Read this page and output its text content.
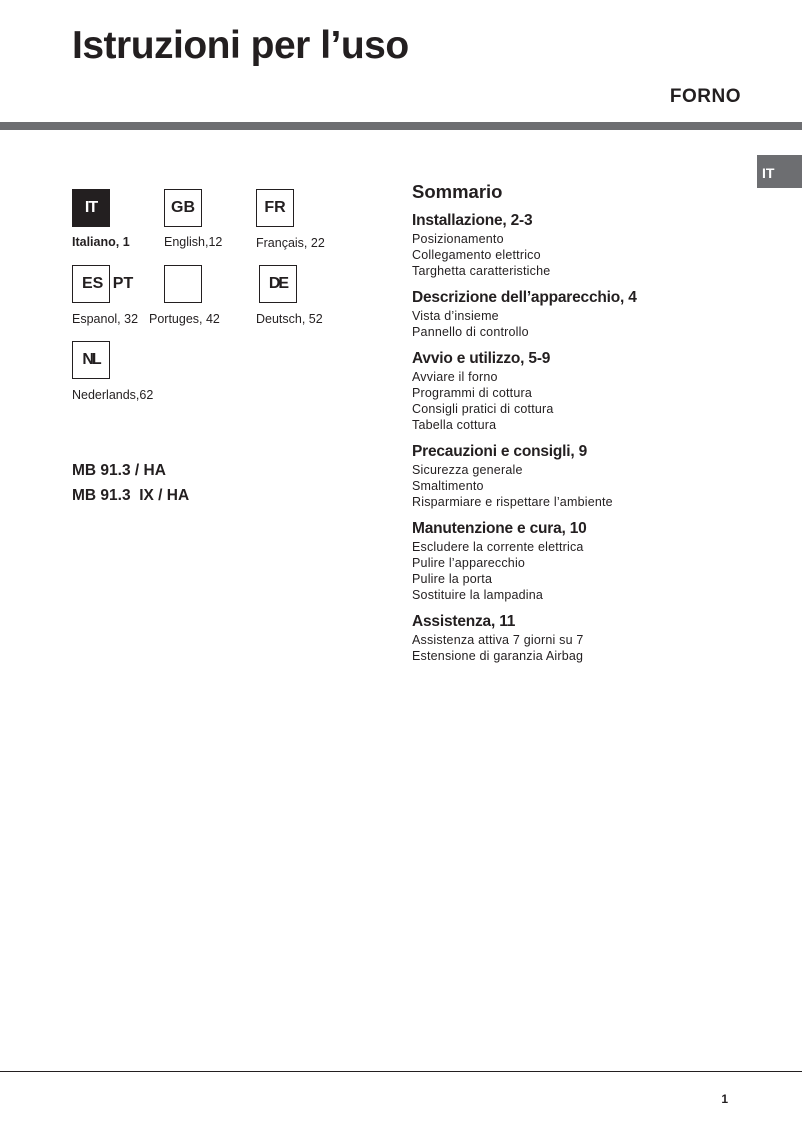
Istruzioni per l’uso
FORNO
IT
IT
Italiano, 1
GB
English,12
FR
Français, 22
ES PT
Espanol, 32 Portuges, 42
DE
Deutsch, 52
NL
Nederlands,62
MB 91.3 / HA
MB 91.3  IX / HA
Sommario
Installazione, 2-3
Posizionamento
Collegamento elettrico
Targhetta caratteristiche
Descrizione dell’apparecchio, 4
Vista d’insieme
Pannello di controllo
Avvio e utilizzo, 5-9
Avviare il forno
Programmi di cottura
Consigli pratici di cottura
Tabella cottura
Precauzioni e consigli, 9
Sicurezza generale
Smaltimento
Risparmiare e rispettare l’ambiente
Manutenzione e cura, 10
Escludere la corrente elettrica
Pulire l’apparecchio
Pulire la porta
Sostituire la lampadina
Assistenza, 11
Assistenza attiva 7 giorni su 7
Estensione di garanzia Airbag
1
